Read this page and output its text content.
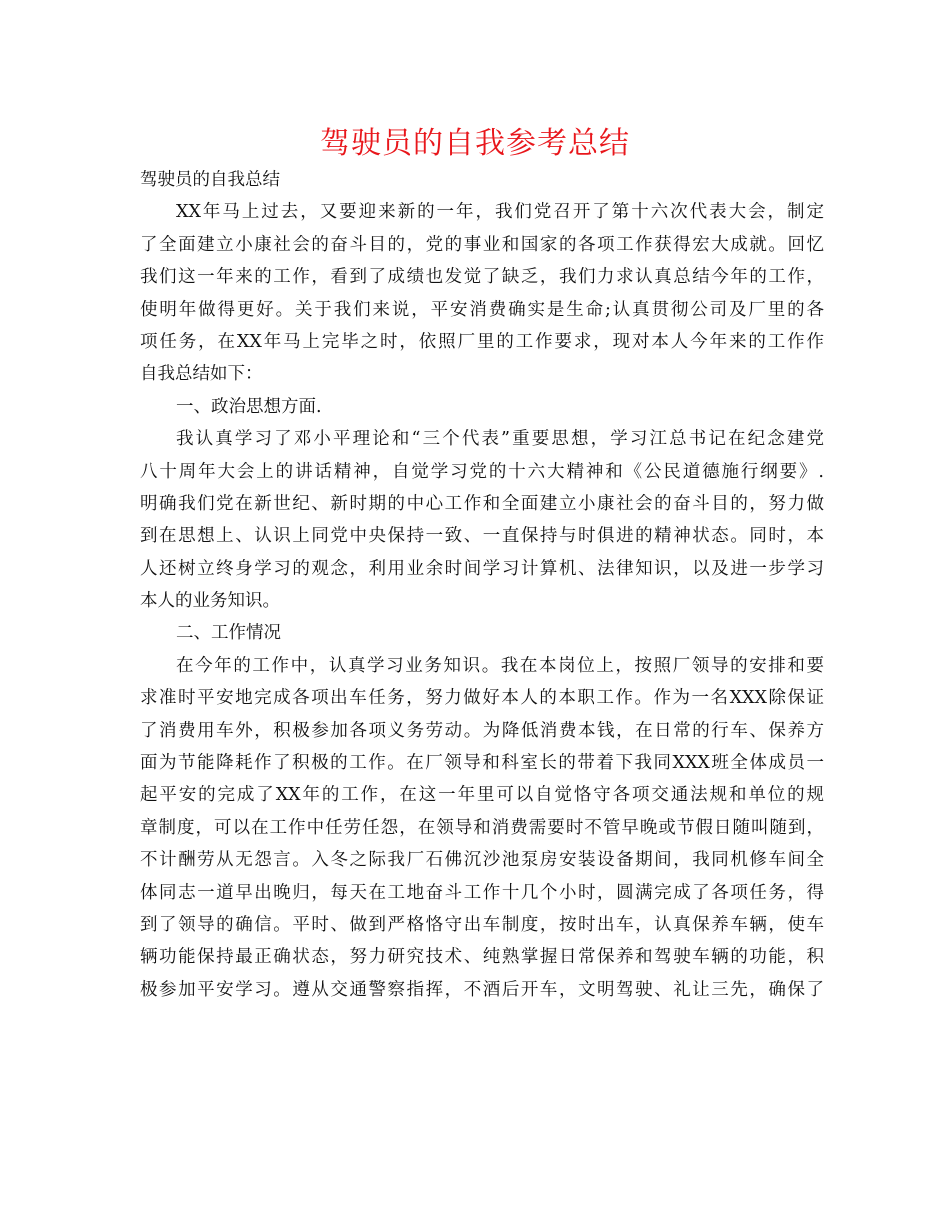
驾驶员的自我参考总结
驾驶员的自我总结
XX年马上过去，又要迎来新的一年，我们党召开了第十六次代表大会，制定
了全面建立小康社会的奋斗目的，党的事业和国家的各项工作获得宏大成就。回忆
我们这一年来的工作，看到了成绩也发觉了缺乏，我们力求认真总结今年的工作，
使明年做得更好。关于我们来说，平安消费确实是生命;认真贯彻公司及厂里的各
项任务，在XX年马上完毕之时，依照厂里的工作要求，现对本人今年来的工作作
自我总结如下：
一、政治思想方面.
我认真学习了邓小平理论和“三个代表”重要思想，学习江总书记在纪念建党
八十周年大会上的讲话精神，自觉学习党的十六大精神和《公民道德施行纲要》.
明确我们党在新世纪、新时期的中心工作和全面建立小康社会的奋斗目的，努力做
到在思想上、认识上同党中央保持一致、一直保持与时俱进的精神状态。同时，本
人还树立终身学习的观念，利用业余时间学习计算机、法律知识，以及进一步学习
本人的业务知识。
二、工作情况
在今年的工作中，认真学习业务知识。我在本岗位上，按照厂领导的安排和要
求准时平安地完成各项出车任务，努力做好本人的本职工作。作为一名XXX除保证
了消费用车外，积极参加各项义务劳动。为降低消费本钱，在日常的行车、保养方
面为节能降耗作了积极的工作。在厂领导和科室长的带着下我同XXX班全体成员一
起平安的完成了XX年的工作，在这一年里可以自觉恪守各项交通法规和单位的规
章制度，可以在工作中任劳任怨，在领导和消费需要时不管早晚或节假日随叫随到，
不计酬劳从无怨言。入冬之际我厂石佛沉沙池泵房安装设备期间，我同机修车间全
体同志一道早出晚归，每天在工地奋斗工作十几个小时，圆满完成了各项任务，得
到了领导的确信。平时、做到严格恪守出车制度，按时出车，认真保养车辆，使车
辆功能保持最正确状态，努力研究技术、纯熟掌握日常保养和驾驶车辆的功能，积
极参加平安学习。遵从交通警察指挥，不酒后开车，文明驾驶、礼让三先，确保了
